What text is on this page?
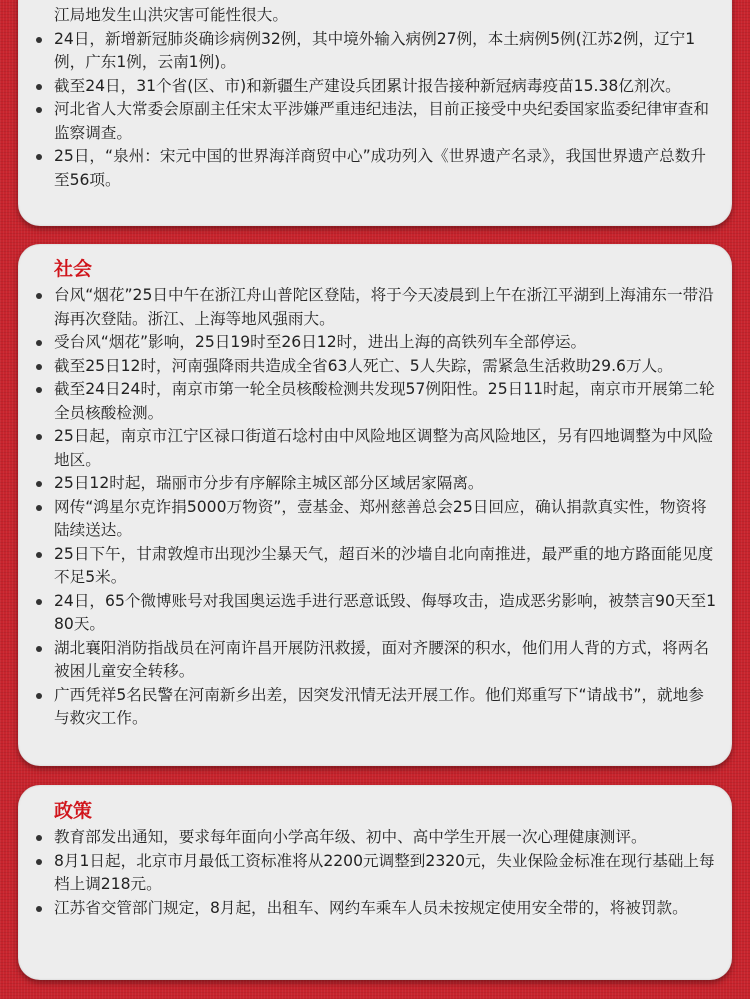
江局地发生山洪灾害可能性很大。
24日，新增新冠肺炎确诊病例32例，其中境外输入病例27例，本土病例5例(江苏2例，辽宁1例，广东1例，云南1例)。
截至24日，31个省(区、市)和新疆生产建设兵团累计报告接种新冠病毒疫苗15.38亿剂次。
河北省人大常委会原副主任宋太平涉嫌严重违纪违法，目前正接受中央纪委国家监委纪律审查和监察调查。
25日，“泉州：宋元中国的世界海洋商贸中心”成功列入《世界遗产名录》，我国世界遗产总数升至56项。
社会
台风“烟花”25日中午在浙江舟山普陀区登陆，将于今天凌晨到上午在浙江平湖到上海浦东一带沿海再次登陆。浙江、上海等地风强雨大。
受台风“烟花”影响，25日19时至26日12时，进出上海的高铁列车全部停运。
截至25日12时，河南强降雨共造成全省63人死亡、5人失踪，需紧急生活救助29.6万人。
截至24日24时，南京市第一轮全员核酸检测共发现57例阳性。25日11时起，南京市开展第二轮全员核酸检测。
25日起，南京市江宁区禄口街道石埝村由中风险地区调整为高风险地区，另有四地调整为中风险地区。
25日12时起，瑞丽市分步有序解除主城区部分区域居家隔离。
网传“鸿星尔克诈捐5000万物资”，壹基金、郑州慈善总会25日回应，确认捐款真实性，物资将陆续送达。
25日下午，甘肃敦煌市出现沙尘暴天气，超百米的沙墙自北向南推进，最严重的地方路面能见度不足5米。
24日，65个微博账号对我国奥运选手进行恶意诋毁、侮辱攻击，造成恶劣影响，被禁言90天至180天。
湖北襄阳消防指战员在河南许昌开展防汛救援，面对齐腰深的积水，他们用人背的方式，将两名被困儿童安全转移。
广西凭祥5名民警在河南新乡出差，因突发汛情无法开展工作。他们郑重写下“请战书”，就地参与救灾工作。
政策
教育部发出通知，要求每年面向小学高年级、初中、高中学生开展一次心理健康测评。
8月1日起，北京市月最低工资标准将从2200元调整到2320元，失业保险金标准在现行基础上每档上调218元。
江苏省交管部门规定，8月起，出租车、网约车乘车人员未按规定使用安全带的，将被罚款。
